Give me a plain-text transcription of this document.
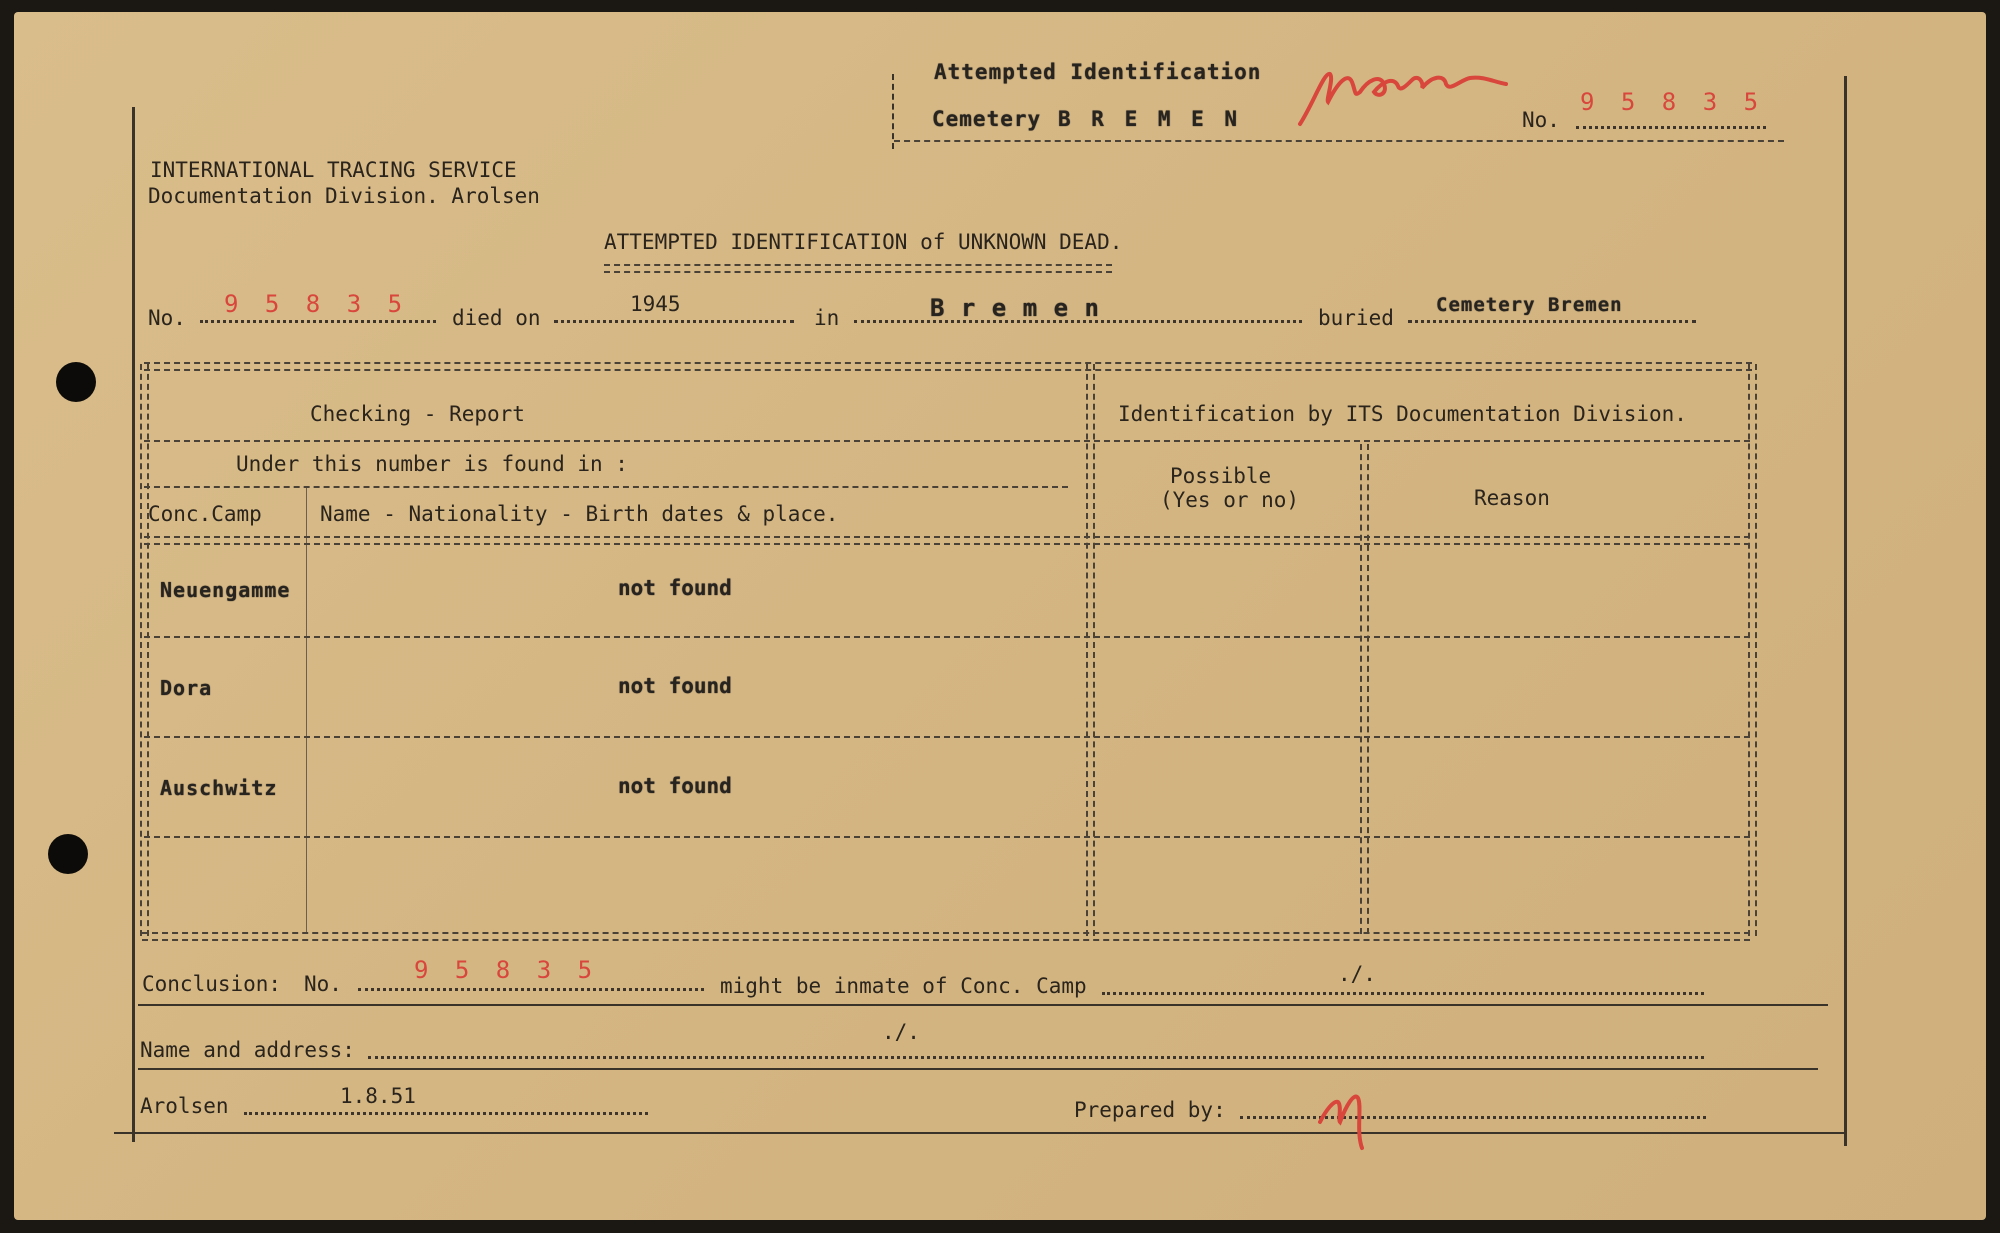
Attempted Identification
Cemetery B R E M E N	No.
9 5 8 3 5
INTERNATIONAL TRACING SERVICE
Documentation Division. Arolsen
ATTEMPTED IDENTIFICATION of UNKNOWN DEAD.
No. 9 5 8 3 5 died on
1945
in	B r e m e n	buried
Cemetery Bremen
Checking - Report	Identification by ITS Documentation Division.
Under this number is found in :
Conc.Camp	Name - Nationality - Birth dates & place.
Possible
(Yes or no)	Reason
Neuengamme	not found
Dora	not found
Auschwitz	not found
Conclusion: No.	9 5 8 3 5
might be inmate of Conc. Camp	./.
Name and address:
./.
Arolsen	1.8.51
Prepared by:
